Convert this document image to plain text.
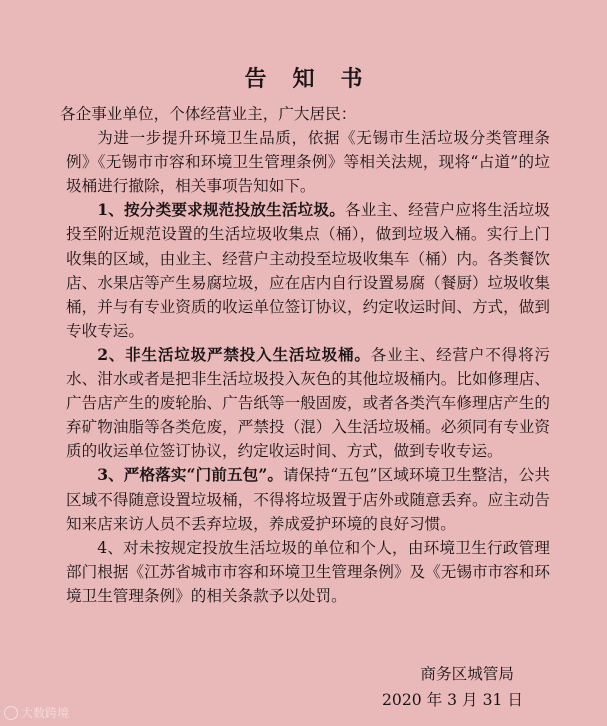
告知书

各企事业单位，个体经营业主，广大居民：

为进一步提升环境卫生品质，依据《无锡市生活垃圾分类管理条例》《无锡市市容和环境卫生管理条例》等相关法规，现将“占道”的垃圾桶进行撤除，相关事项告知如下。

1、按分类要求规范投放生活垃圾。各业主、经营户应将生活垃圾投至附近规范设置的生活垃圾收集点（桶），做到垃圾入桶。实行上门收集的区域，由业主、经营户主动投至垃圾收集车（桶）内。各类餐饮店、水果店等产生易腐垃圾，应在店内自行设置易腐（餐厨）垃圾收集桶，并与有专业资质的收运单位签订协议，约定收运时间、方式，做到专收专运。

2、非生活垃圾严禁投入生活垃圾桶。各业主、经营户不得将污水、泔水或者是把非生活垃圾投入灰色的其他垃圾桶内。比如修理店、广告店产生的废轮胎、广告纸等一般固废，或者各类汽车修理店产生的弃矿物油脂等各类危废，严禁投（混）入生活垃圾桶。必须同有专业资质的收运单位签订协议，约定收运时间、方式，做到专收专运。

3、严格落实“门前五包”。请保持“五包”区域环境卫生整洁，公共区域不得随意设置垃圾桶，不得将垃圾置于店外或随意丢弃。应主动告知来店来访人员不丢弃垃圾，养成爱护环境的良好习惯。

4、对未按规定投放生活垃圾的单位和个人，由环境卫生行政管理部门根据《江苏省城市市容和环境卫生管理条例》及《无锡市市容和环境卫生管理条例》的相关条款予以处罚。

商务区城管局
2020 年 3 月 31 日
大数跨境
